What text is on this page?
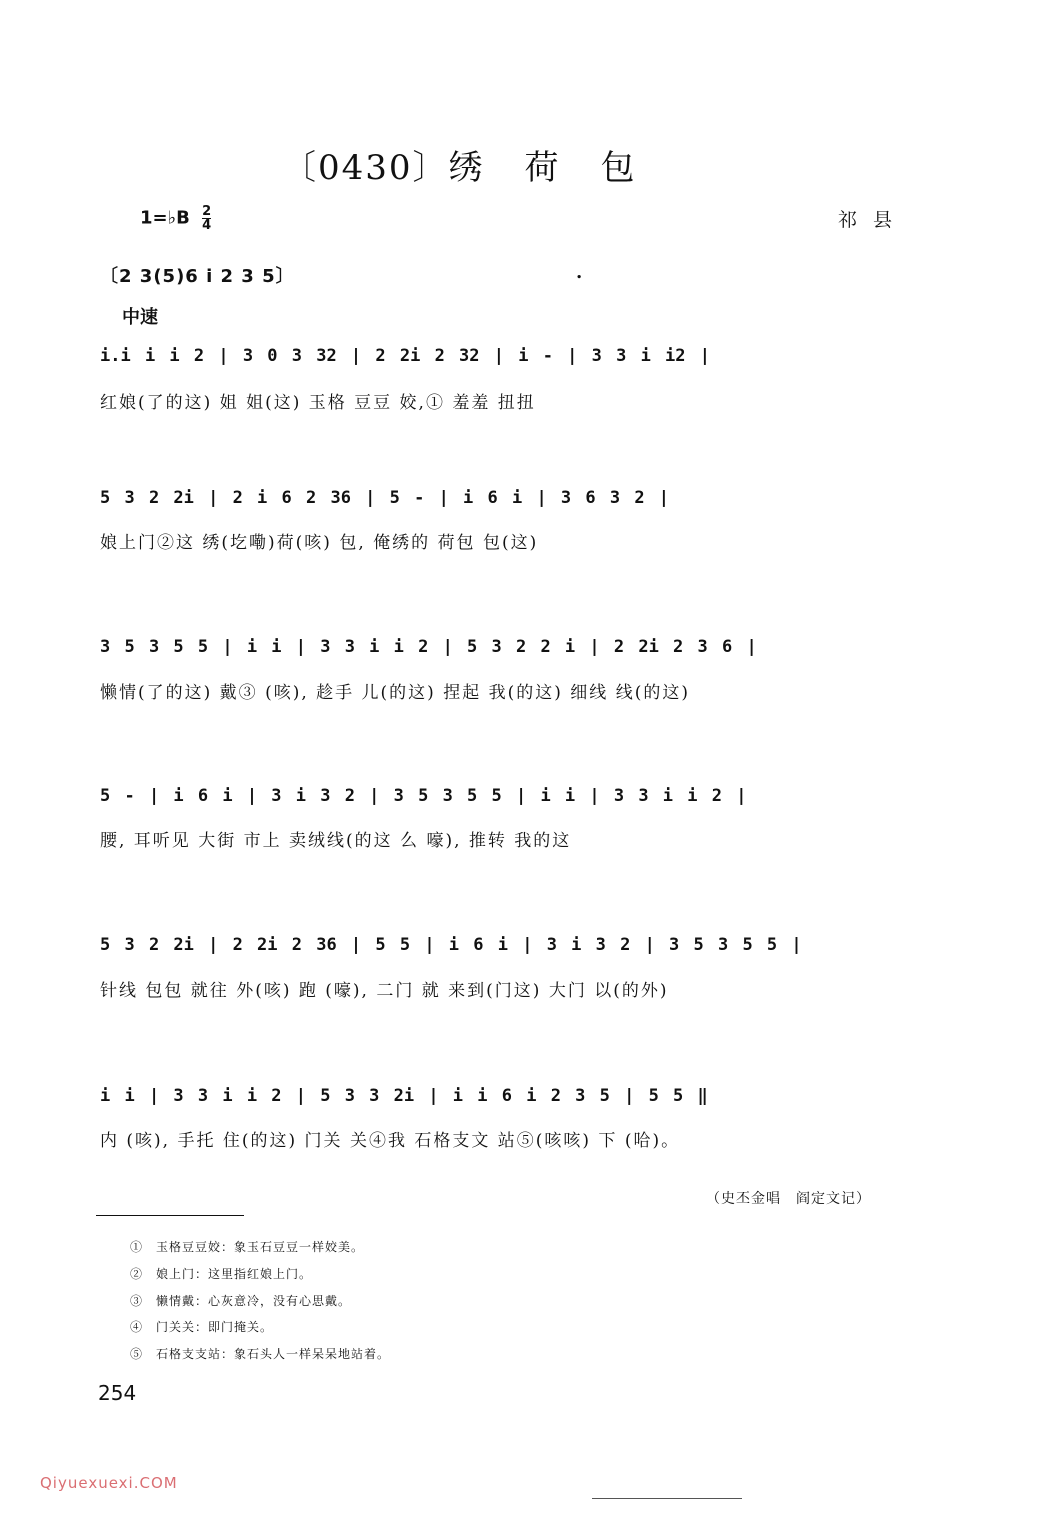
〔0430〕绣 荷 包
1=♭B $\frac{2}{4}$	祁县
〔2 3(5)6 i 2 3 5〕	.
中速
i.i i i 2 | 3 0 3 32 | 2 2i 2 32 | i - | 3 3 i i2 |
红娘(了的这) 姐 姐(这) 玉格 豆豆 姣,① 羞羞 扭扭
5 3 2 2i | 2 i 6 2 36 | 5 - | i 6 i | 3 6 3 2 |
娘上门②这 绣(圪嘞)荷(咳) 包, 俺绣的 荷包 包(这)
3 5 3 5 5 | i i | 3 3 i i 2 | 5 3 2 2 i | 2 2i 2 3 6 |
懒情(了的这) 戴③ (咳), 趁手 儿(的这) 捏起 我(的这) 细线 线(的这)
5 - | i 6 i | 3 i 3 2 | 3 5 3 5 5 | i i | 3 3 i i 2 |
腰, 耳听见 大街 市上 卖绒线(的这 么 嚎), 推转 我的这
5 3 2 2i | 2 2i 2 36 | 5 5 | i 6 i | 3 i 3 2 | 3 5 3 5 5 |
针线 包包 就往 外(咳) 跑 (嚎), 二门 就 来到(门这) 大门 以(的外)
i i | 3 3 i i 2 | 5 3 3 2i | i i 6 i 2 3 5 | 5 5 ‖
内 (咳), 手托 住(的这) 门关 关④我 石格支文 站⑤(咳咳) 下 (哈)。
（史丕金唱　阎定文记）
①　玉格豆豆姣：象玉石豆豆一样姣美。
②　娘上门：这里指红娘上门。
③　懒情戴：心灰意冷，没有心思戴。
④　门关关：即门掩关。
⑤　石格支支站：象石头人一样呆呆地站着。
254
Qiyuexuexi.COM
